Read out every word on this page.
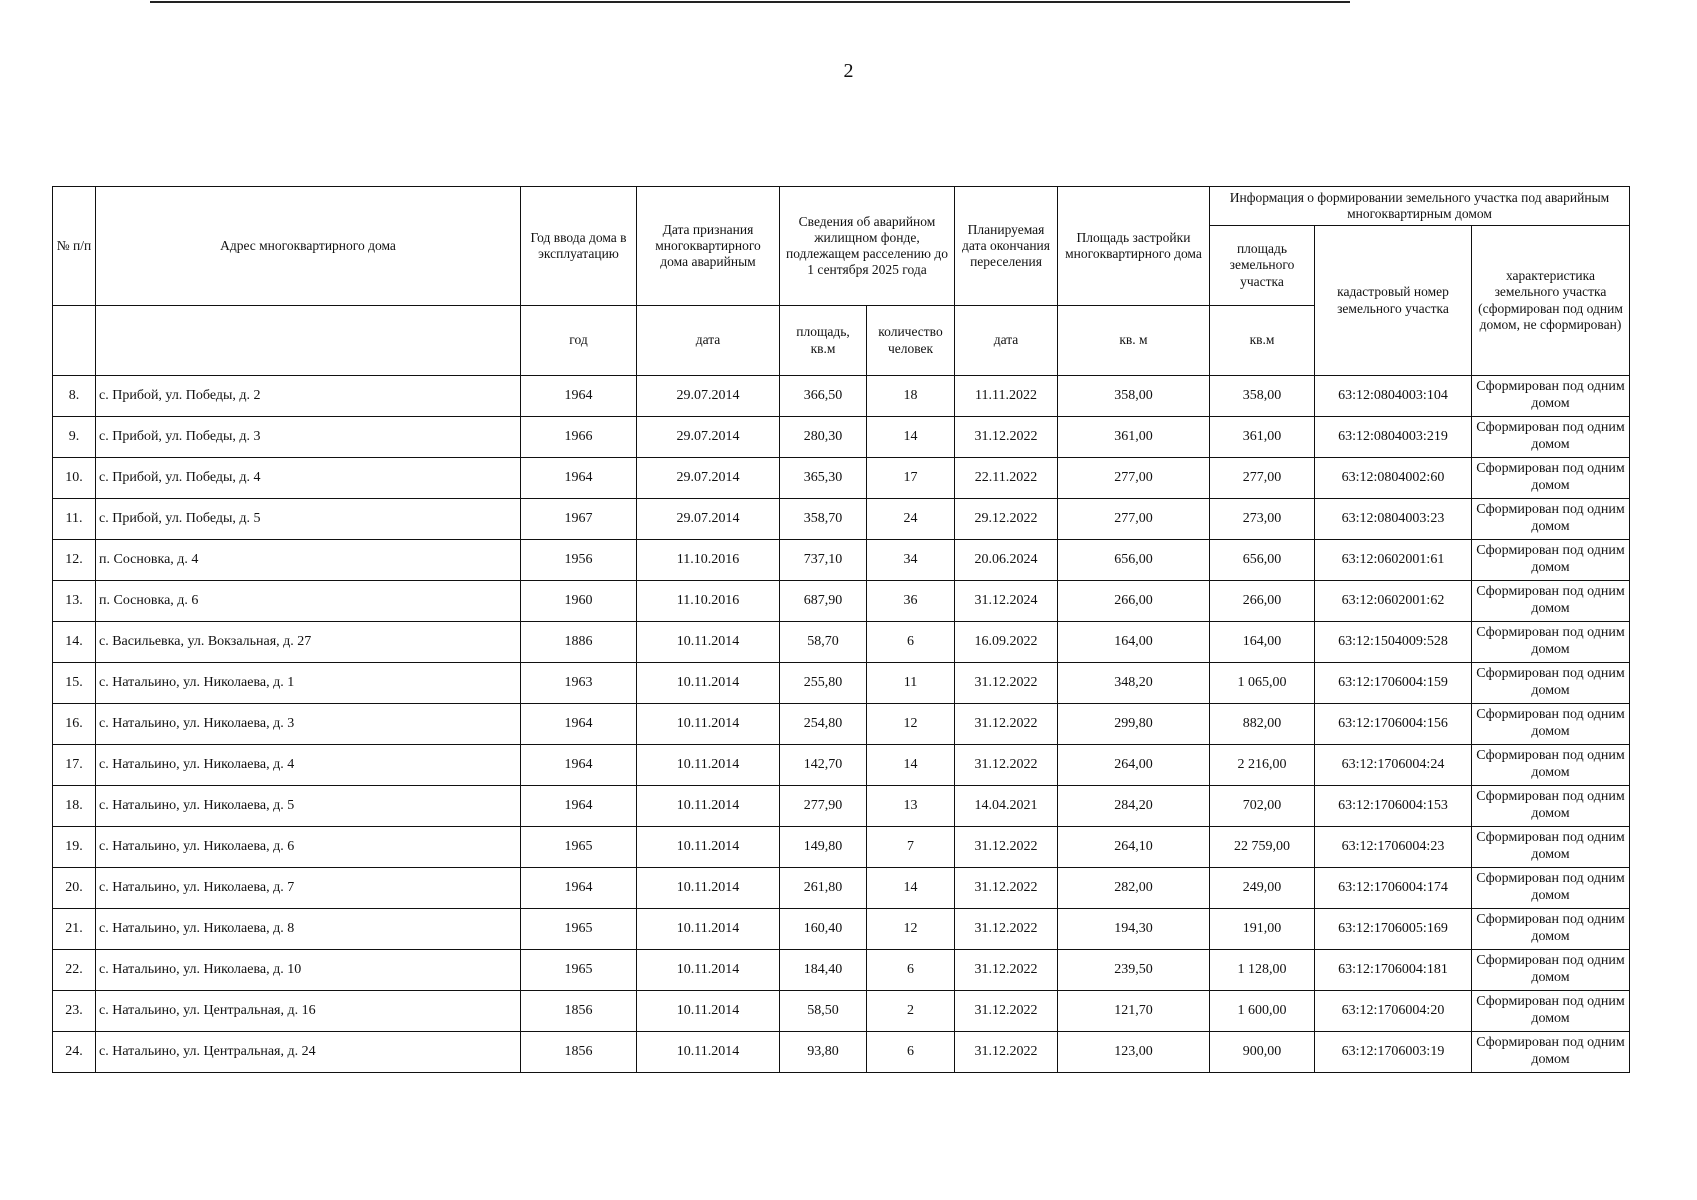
2
№ п/п	Адрес многоквартирного дома	Год ввода дома в эксплуатацию	Дата признания многоквартирного дома аварийным	Сведения об аварийном жилищном фонде, подлежащем расселению до 1 сентября 2025 года		Планируемая дата окончания переселения	Площадь застройки многоквартирного дома	Информация о формировании земельного участка под аварийным многоквартирным домом		
								площадь земельного участка	кадастровый номер земельного участка	характеристика земельного участка (сформирован под одним домом, не сформирован)
		год	дата	площадь, кв.м	количество человек	дата	кв. м	кв.м		
8.	с. Прибой, ул. Победы, д. 2	1964	29.07.2014	366,50	18	11.11.2022	358,00	358,00	63:12:0804003:104	Сформирован под одним домом
9.	с. Прибой, ул. Победы, д. 3	1966	29.07.2014	280,30	14	31.12.2022	361,00	361,00	63:12:0804003:219	Сформирован под одним домом
10.	с. Прибой, ул. Победы, д. 4	1964	29.07.2014	365,30	17	22.11.2022	277,00	277,00	63:12:0804002:60	Сформирован под одним домом
11.	с. Прибой, ул. Победы, д. 5	1967	29.07.2014	358,70	24	29.12.2022	277,00	273,00	63:12:0804003:23	Сформирован под одним домом
12.	п. Сосновка, д. 4	1956	11.10.2016	737,10	34	20.06.2024	656,00	656,00	63:12:0602001:61	Сформирован под одним домом
13.	п. Сосновка, д. 6	1960	11.10.2016	687,90	36	31.12.2024	266,00	266,00	63:12:0602001:62	Сформирован под одним домом
14.	с. Васильевка, ул. Вокзальная, д. 27	1886	10.11.2014	58,70	6	16.09.2022	164,00	164,00	63:12:1504009:528	Сформирован под одним домом
15.	с. Натальино, ул. Николаева, д. 1	1963	10.11.2014	255,80	11	31.12.2022	348,20	1 065,00	63:12:1706004:159	Сформирован под одним домом
16.	с. Натальино, ул. Николаева, д. 3	1964	10.11.2014	254,80	12	31.12.2022	299,80	882,00	63:12:1706004:156	Сформирован под одним домом
17.	с. Натальино, ул. Николаева, д. 4	1964	10.11.2014	142,70	14	31.12.2022	264,00	2 216,00	63:12:1706004:24	Сформирован под одним домом
18.	с. Натальино, ул. Николаева, д. 5	1964	10.11.2014	277,90	13	14.04.2021	284,20	702,00	63:12:1706004:153	Сформирован под одним домом
19.	с. Натальино, ул. Николаева, д. 6	1965	10.11.2014	149,80	7	31.12.2022	264,10	22 759,00	63:12:1706004:23	Сформирован под одним домом
20.	с. Натальино, ул. Николаева, д. 7	1964	10.11.2014	261,80	14	31.12.2022	282,00	249,00	63:12:1706004:174	Сформирован под одним домом
21.	с. Натальино, ул. Николаева, д. 8	1965	10.11.2014	160,40	12	31.12.2022	194,30	191,00	63:12:1706005:169	Сформирован под одним домом
22.	с. Натальино, ул. Николаева, д. 10	1965	10.11.2014	184,40	6	31.12.2022	239,50	1 128,00	63:12:1706004:181	Сформирован под одним домом
23.	с. Натальино, ул. Центральная, д. 16	1856	10.11.2014	58,50	2	31.12.2022	121,70	1 600,00	63:12:1706004:20	Сформирован под одним домом
24.	с. Натальино, ул. Центральная, д. 24	1856	10.11.2014	93,80	6	31.12.2022	123,00	900,00	63:12:1706003:19	Сформирован под одним домом
